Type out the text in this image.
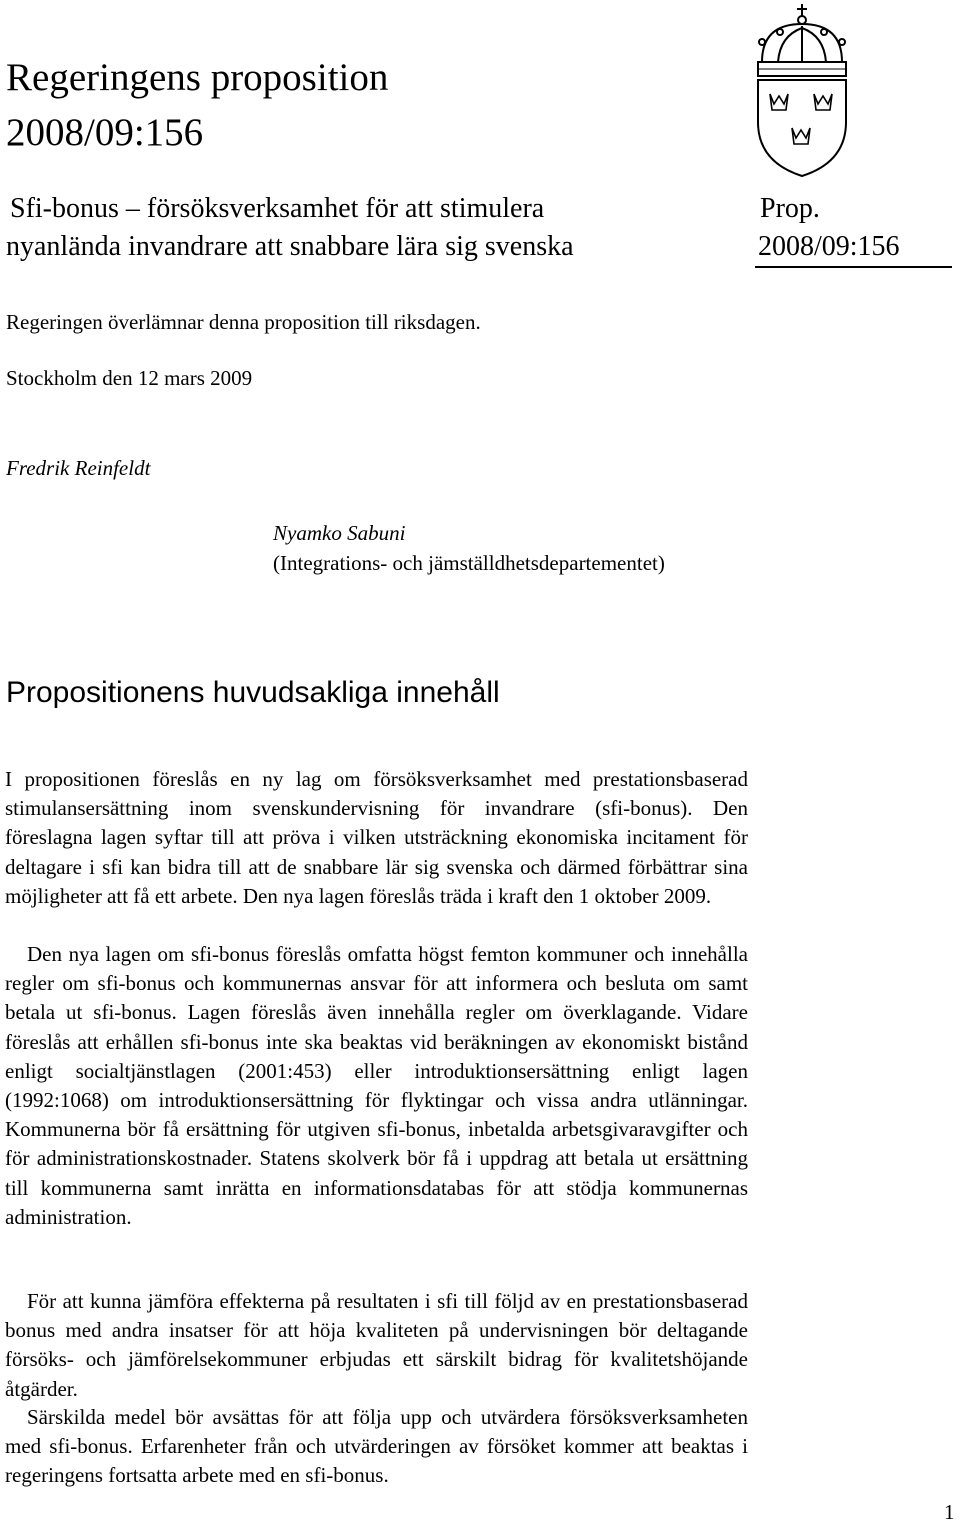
Regeringens proposition
2008/09:156
Sfi-bonus – försöksverksamhet för att stimulera
nyanlända invandrare att snabbare lära sig svenska
Prop.
2008/09:156
Regeringen överlämnar denna proposition till riksdagen.
Stockholm den 12 mars 2009
Fredrik Reinfeldt
Nyamko Sabuni
(Integrations- och jämställdhetsdepartementet)
Propositionens huvudsakliga innehåll

I propositionen föreslås en ny lag om försöksverksamhet med prestationsbaserad stimulansersättning inom svenskundervisning för invandrare (sfi-bonus). Den föreslagna lagen syftar till att pröva i vilken utsträckning ekonomiska incitament för deltagare i sfi kan bidra till att de snabbare lär sig svenska och därmed förbättrar sina möjligheter att få ett arbete. Den nya lagen föreslås träda i kraft den 1 oktober 2009.

Den nya lagen om sfi-bonus föreslås omfatta högst femton kommuner och innehålla regler om sfi-bonus och kommunernas ansvar för att informera och besluta om samt betala ut sfi-bonus. Lagen föreslås även innehålla regler om överklagande. Vidare föreslås att erhållen sfi-bonus inte ska beaktas vid beräkningen av ekonomiskt bistånd enligt socialtjänstlagen (2001:453) eller introduktionsersättning enligt lagen (1992:1068) om introduktionsersättning för flyktingar och vissa andra utlänningar. Kommunerna bör få ersättning för utgiven sfi-bonus, inbetalda arbetsgivaravgifter och för administrationskostnader. Statens skolverk bör få i uppdrag att betala ut ersättning till kommunerna samt inrätta en informationsdatabas för att stödja kommunernas administration.

För att kunna jämföra effekterna på resultaten i sfi till följd av en prestationsbaserad bonus med andra insatser för att höja kvaliteten på undervisningen bör deltagande försöks- och jämförelsekommuner erbjudas ett särskilt bidrag för kvalitetshöjande åtgärder.

Särskilda medel bör avsättas för att följa upp och utvärdera försöksverksamheten med sfi-bonus. Erfarenheter från och utvärderingen av försöket kommer att beaktas i regeringens fortsatta arbete med en sfi-bonus.

1
